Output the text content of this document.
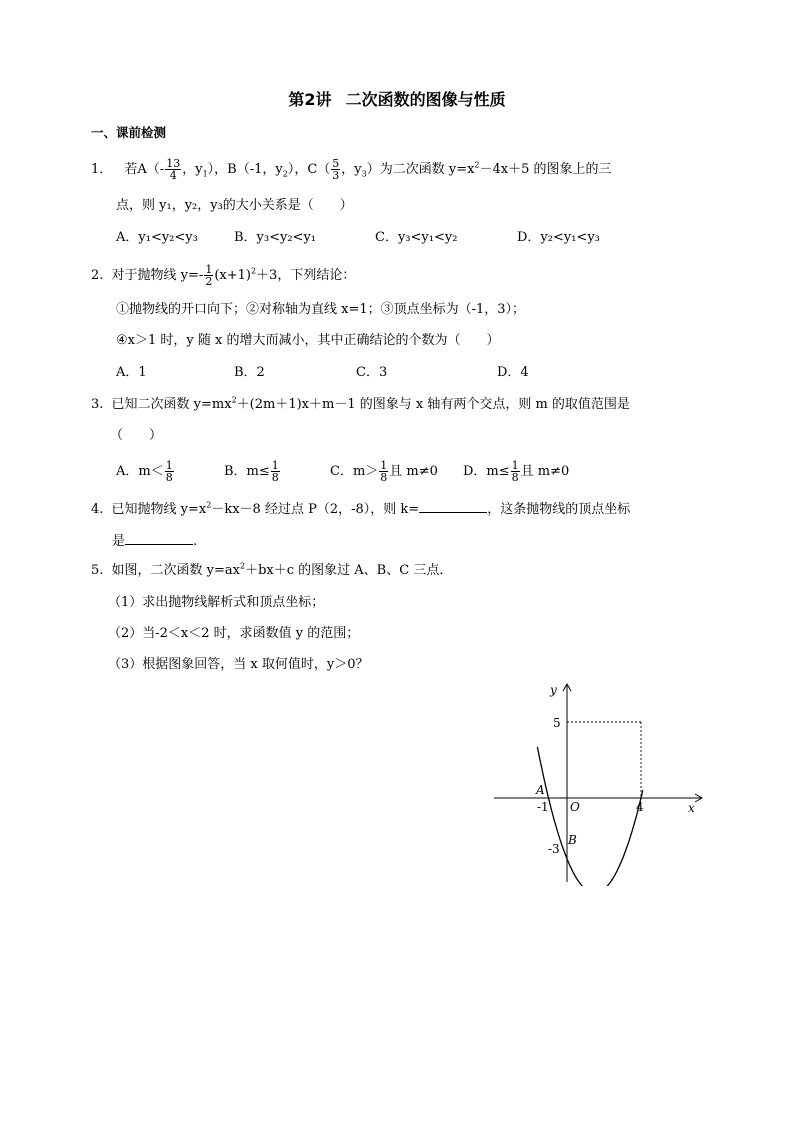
第2讲 二次函数的图像与性质
一、课前检测
1． 若$A(- \frac{13}{4}$ ，$y_1$），B（-1，$y_2$），$C( \frac{5}{3}$ ，$y_3$）为二次函数 $y=x^2-4x+5$ 的图象上的三
点，则 y₁，y₂，y₃的大小关系是（　　）
A．y₁<y₂<y₃	B．y₃<y₂<y₁	C．y₃<y₁<y₂	D．y₂<y₁<y₃
2. 对于抛物线 $y=- \frac{1}{2} (x+1)^2+3$，下列结论：
①抛物线的开口向下；②对称轴为直线 x=1；③顶点坐标为（-1，3）；
④x＞1 时，y 随 x 的增大而减小，其中正确结论的个数为（　　）
A．1	B．2	C．3	D．4
3. 已知二次函数 $y=mx^2+(2m+1)x+m-1$ 的图象与 x 轴有两个交点，则 m 的取值范围是
（　　）
A．$m< \frac{1}{8}$	B．$m\le \frac{1}{8}$	C．$m> \frac{1}{8}$ 且 m≠0 D．$m\le \frac{1}{8}$ 且 m≠0
4. 已知抛物线 $y=x^2-kx-8$ 经过点 P（2，-8），则 k=	，这条抛物线的顶点坐标
是	.
5. 如图，二次函数 $y=ax^2+bx+c$ 的图象过 A、B、C 三点．
（1）求出抛物线解析式和顶点坐标；
（2）当-2＜x＜2 时，求函数值 y 的范围；
（3）根据图象回答，当 x 取何值时，y＞0？
y
x
5
-3
-1	4
A
B
O
